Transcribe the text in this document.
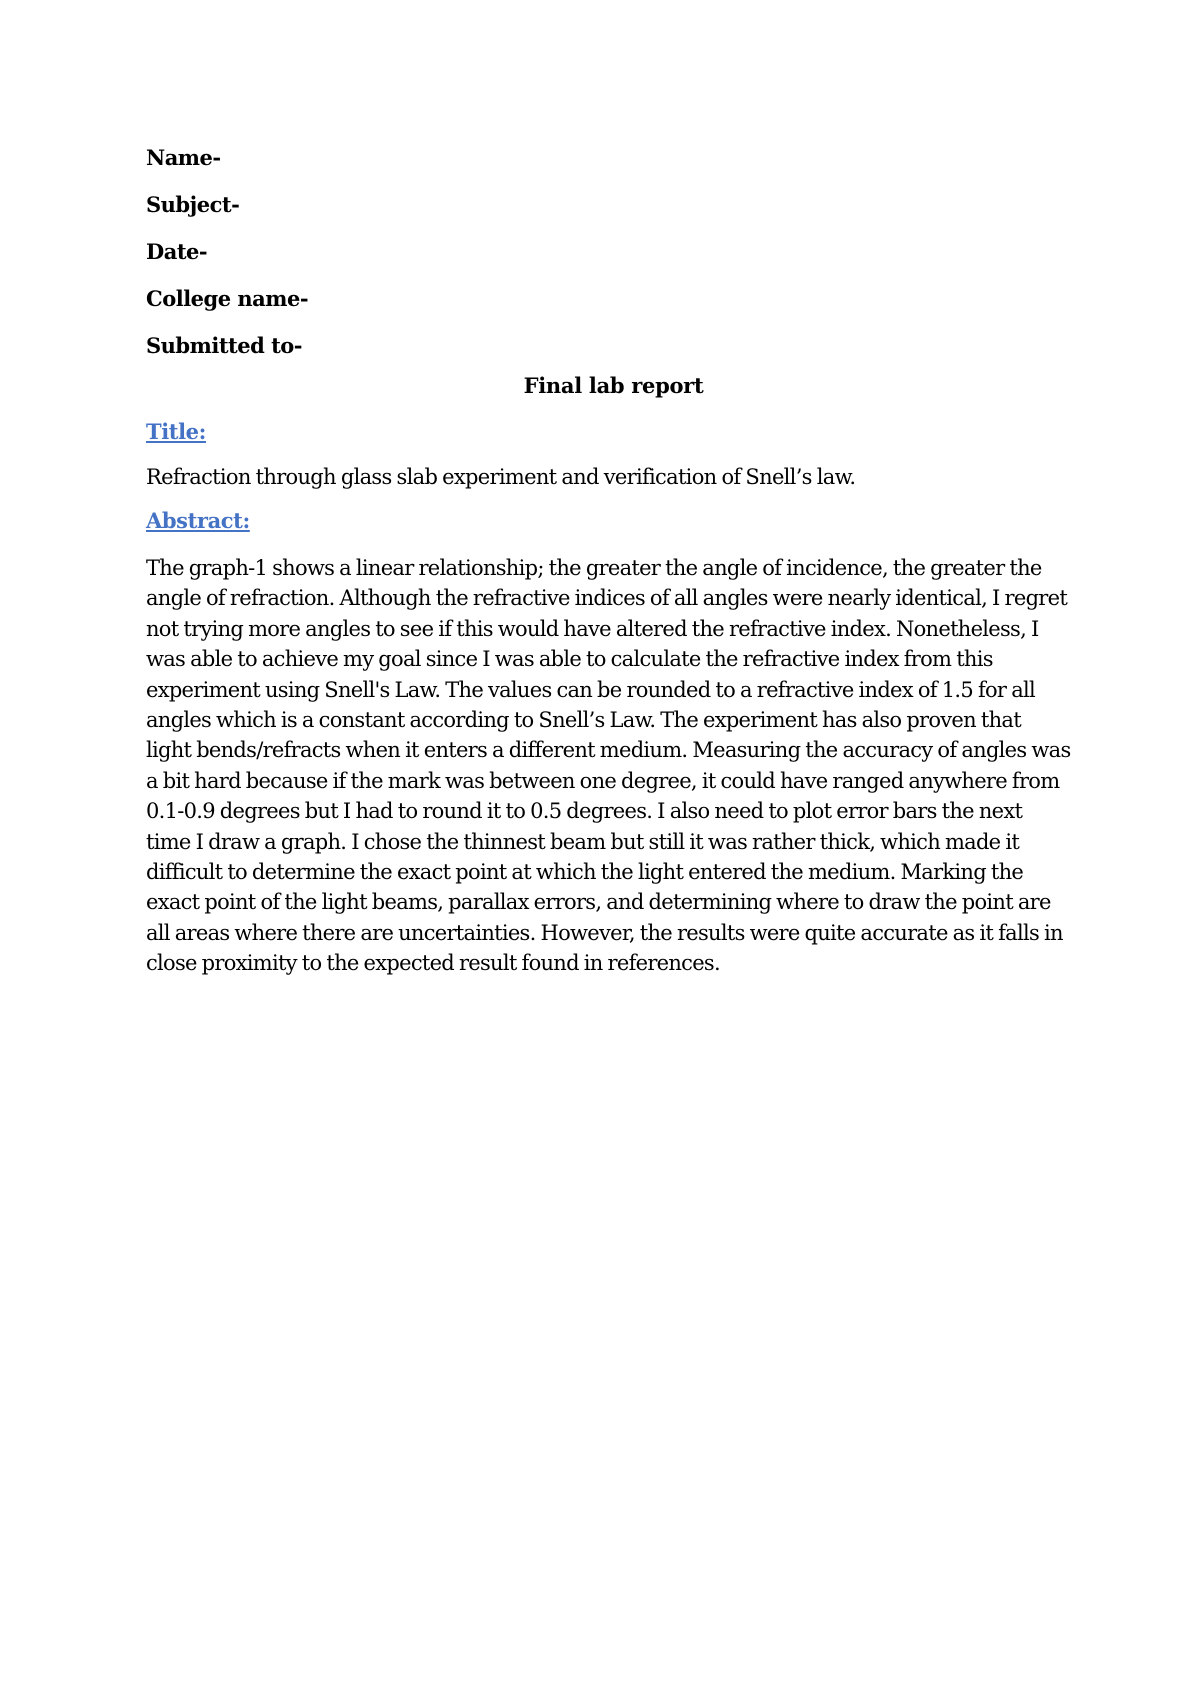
Name-

Subject-

Date-

College name-

Submitted to-

Final lab report

Title:

Refraction through glass slab experiment and verification of Snell’s law.

Abstract:

The graph-1 shows a linear relationship; the greater the angle of incidence, the greater the angle of refraction. Although the refractive indices of all angles were nearly identical, I regret not trying more angles to see if this would have altered the refractive index. Nonetheless, I was able to achieve my goal since I was able to calculate the refractive index from this experiment using Snell's Law. The values can be rounded to a refractive index of 1.5 for all angles which is a constant according to Snell’s Law. The experiment has also proven that light bends/refracts when it enters a different medium. Measuring the accuracy of angles was a bit hard because if the mark was between one degree, it could have ranged anywhere from 0.1-0.9 degrees but I had to round it to 0.5 degrees. I also need to plot error bars the next time I draw a graph. I chose the thinnest beam but still it was rather thick, which made it difficult to determine the exact point at which the light entered the medium. Marking the exact point of the light beams, parallax errors, and determining where to draw the point are all areas where there are uncertainties. However, the results were quite accurate as it falls in close proximity to the expected result found in references.
